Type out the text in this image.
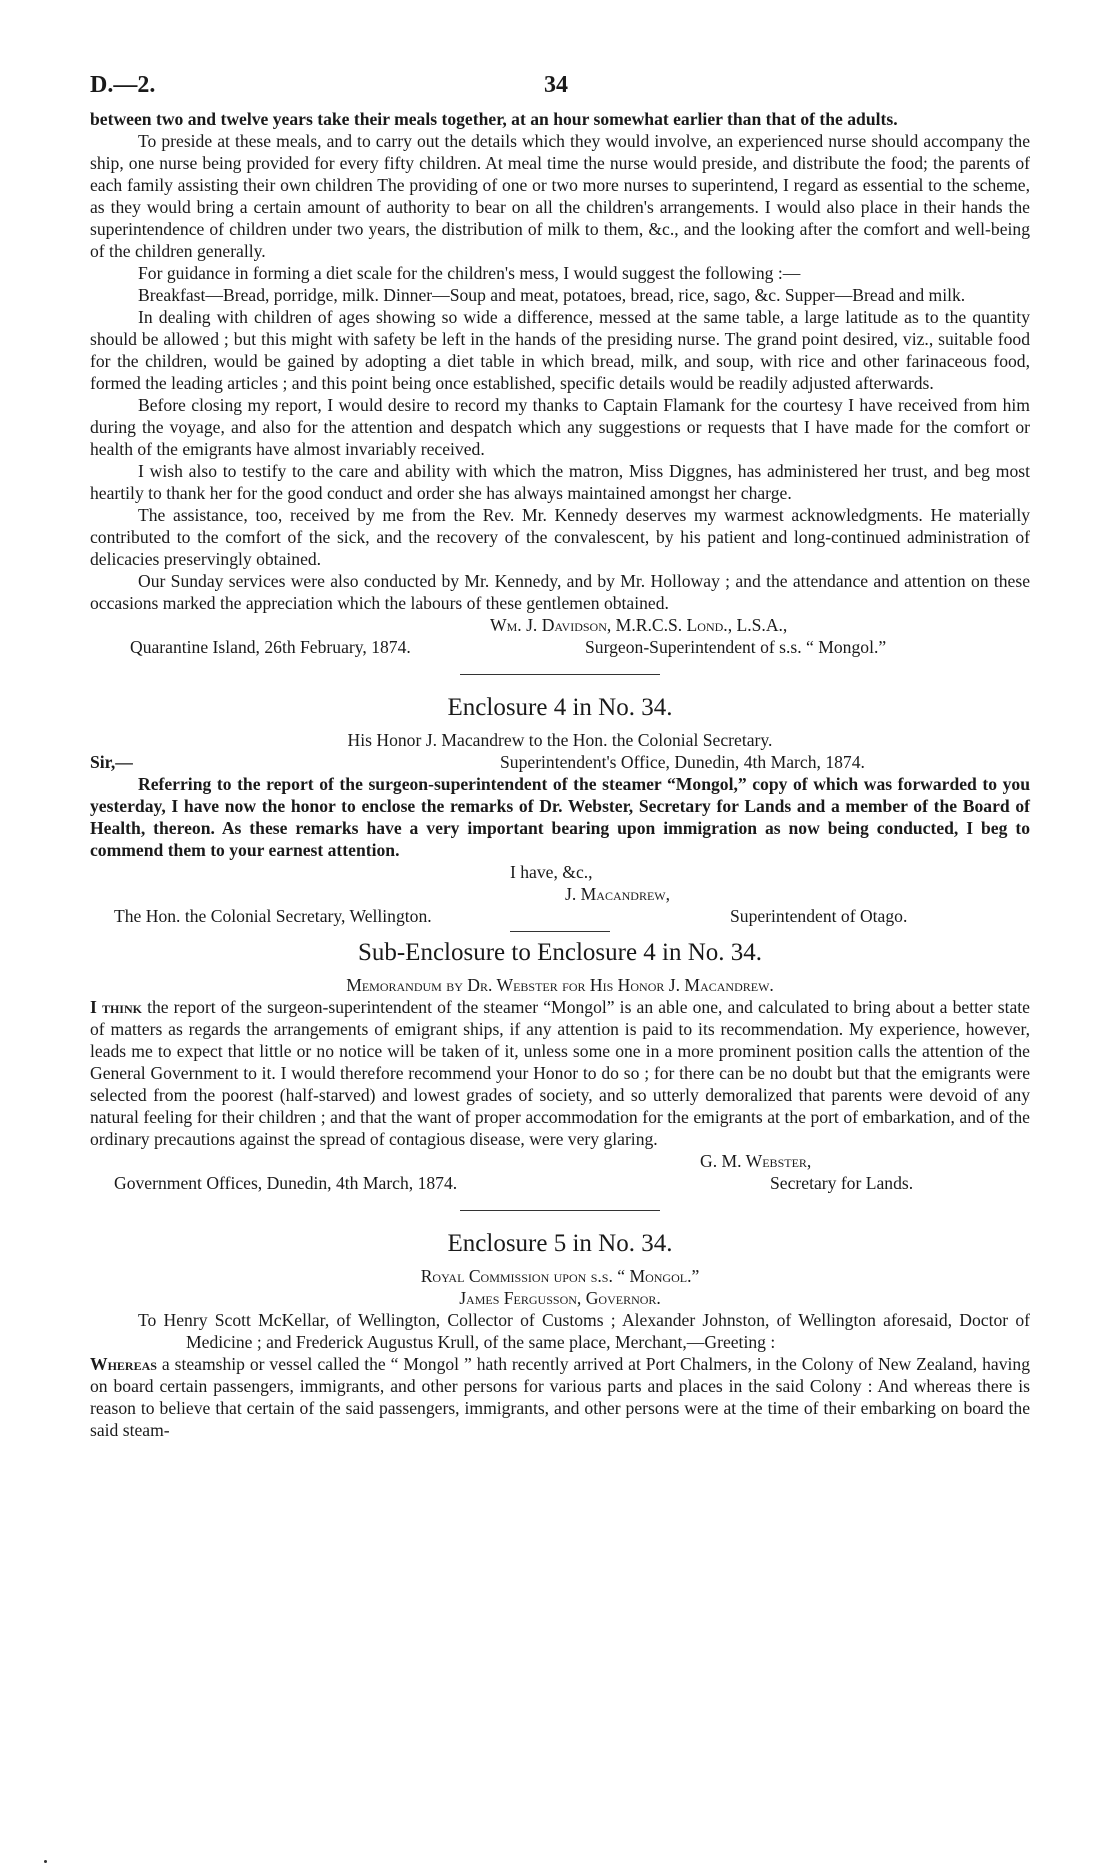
D.—2.	34

between two and twelve years take their meals together, at an hour somewhat earlier than that of the adults.

To preside at these meals, and to carry out the details which they would involve, an experienced nurse should accompany the ship, one nurse being provided for every fifty children. At meal time the nurse would preside, and distribute the food; the parents of each family assisting their own children The providing of one or two more nurses to superintend, I regard as essential to the scheme, as they would bring a certain amount of authority to bear on all the children's arrangements. I would also place in their hands the superintendence of children under two years, the distribution of milk to them, &c., and the looking after the comfort and well-being of the children generally.

For guidance in forming a diet scale for the children's mess, I would suggest the following :—

Breakfast—Bread, porridge, milk. Dinner—Soup and meat, potatoes, bread, rice, sago, &c. Supper—Bread and milk.

In dealing with children of ages showing so wide a difference, messed at the same table, a large latitude as to the quantity should be allowed ; but this might with safety be left in the hands of the presiding nurse. The grand point desired, viz., suitable food for the children, would be gained by adopting a diet table in which bread, milk, and soup, with rice and other farinaceous food, formed the leading articles ; and this point being once established, specific details would be readily adjusted afterwards.

Before closing my report, I would desire to record my thanks to Captain Flamank for the courtesy I have received from him during the voyage, and also for the attention and despatch which any suggestions or requests that I have made for the comfort or health of the emigrants have almost invariably received.

I wish also to testify to the care and ability with which the matron, Miss Diggnes, has administered her trust, and beg most heartily to thank her for the good conduct and order she has always maintained amongst her charge.

The assistance, too, received by me from the Rev. Mr. Kennedy deserves my warmest acknowledgments. He materially contributed to the comfort of the sick, and the recovery of the convalescent, by his patient and long-continued administration of delicacies preservingly obtained.

Our Sunday services were also conducted by Mr. Kennedy, and by Mr. Holloway ; and the attendance and attention on these occasions marked the appreciation which the labours of these gentlemen obtained.

Wm. J. Davidson, M.R.C.S. Lond., L.S.A.,
Quarantine Island, 26th February, 1874.	Surgeon-Superintendent of s.s. “ Mongol.”
Enclosure 4 in No. 34.

His Honor J. Macandrew to the Hon. the Colonial Secretary.

Sir,—	Superintendent's Office, Dunedin, 4th March, 1874.

Referring to the report of the surgeon-superintendent of the steamer “Mongol,” copy of which was forwarded to you yesterday, I have now the honor to enclose the remarks of Dr. Webster, Secretary for Lands and a member of the Board of Health, thereon. As these remarks have a very important bearing upon immigration as now being conducted, I beg to commend them to your earnest attention.

I have, &c.,
J. Macandrew,
The Hon. the Colonial Secretary, Wellington.	Superintendent of Otago.
Sub-Enclosure to Enclosure 4 in No. 34.

Memorandum by Dr. Webster for His Honor J. Macandrew.

I think the report of the surgeon-superintendent of the steamer “Mongol” is an able one, and calculated to bring about a better state of matters as regards the arrangements of emigrant ships, if any attention is paid to its recommendation. My experience, however, leads me to expect that little or no notice will be taken of it, unless some one in a more prominent position calls the attention of the General Government to it. I would therefore recommend your Honor to do so ; for there can be no doubt but that the emigrants were selected from the poorest (half-starved) and lowest grades of society, and so utterly demoralized that parents were devoid of any natural feeling for their children ; and that the want of proper accommodation for the emigrants at the port of embarkation, and of the ordinary precautions against the spread of contagious disease, were very glaring.

G. M. Webster,
Government Offices, Dunedin, 4th March, 1874.	Secretary for Lands.
Enclosure 5 in No. 34.

Royal Commission upon s.s. “ Mongol.”

James Fergusson, Governor.

To Henry Scott McKellar, of Wellington, Collector of Customs ; Alexander Johnston, of Wellington aforesaid, Doctor of Medicine ; and Frederick Augustus Krull, of the same place, Merchant,—Greeting :

Whereas a steamship or vessel called the “ Mongol ” hath recently arrived at Port Chalmers, in the Colony of New Zealand, having on board certain passengers, immigrants, and other persons for various parts and places in the said Colony : And whereas there is reason to believe that certain of the said passengers, immigrants, and other persons were at the time of their embarking on board the said steam-
